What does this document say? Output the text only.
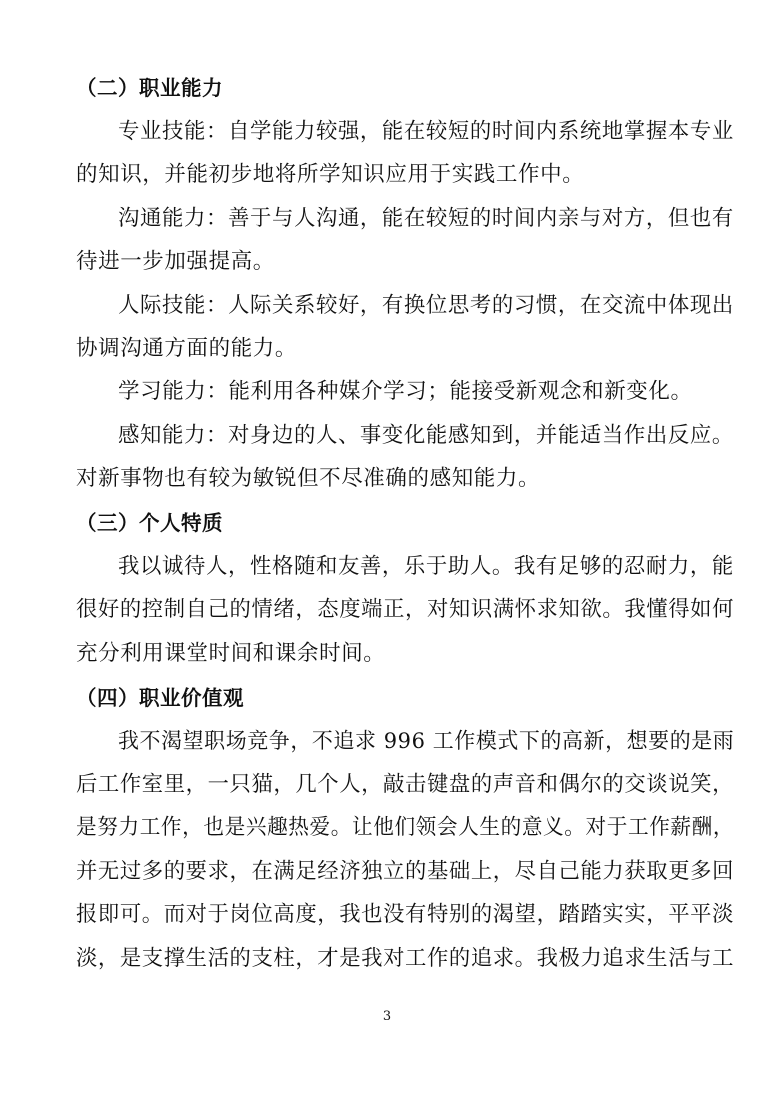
（二）职业能力
专业技能：自学能力较强，能在较短的时间内系统地掌握本专业
的知识，并能初步地将所学知识应用于实践工作中。
沟通能力：善于与人沟通，能在较短的时间内亲与对方，但也有
待进一步加强提高。
人际技能：人际关系较好，有换位思考的习惯，在交流中体现出
协调沟通方面的能力。
学习能力：能利用各种媒介学习；能接受新观念和新变化。
感知能力：对身边的人、事变化能感知到，并能适当作出反应。
对新事物也有较为敏锐但不尽准确的感知能力。
（三）个人特质
我以诚待人，性格随和友善，乐于助人。我有足够的忍耐力，能
很好的控制自己的情绪，态度端正，对知识满怀求知欲。我懂得如何
充分利用课堂时间和课余时间。
（四）职业价值观
我不渴望职场竞争，不追求 996 工作模式下的高新，想要的是雨
后工作室里，一只猫，几个人，敲击键盘的声音和偶尔的交谈说笑，
是努力工作，也是兴趣热爱。让他们领会人生的意义。对于工作薪酬，
并无过多的要求，在满足经济独立的基础上，尽自己能力获取更多回
报即可。而对于岗位高度，我也没有特别的渴望，踏踏实实，平平淡
淡，是支撑生活的支柱，才是我对工作的追求。我极力追求生活与工
3
